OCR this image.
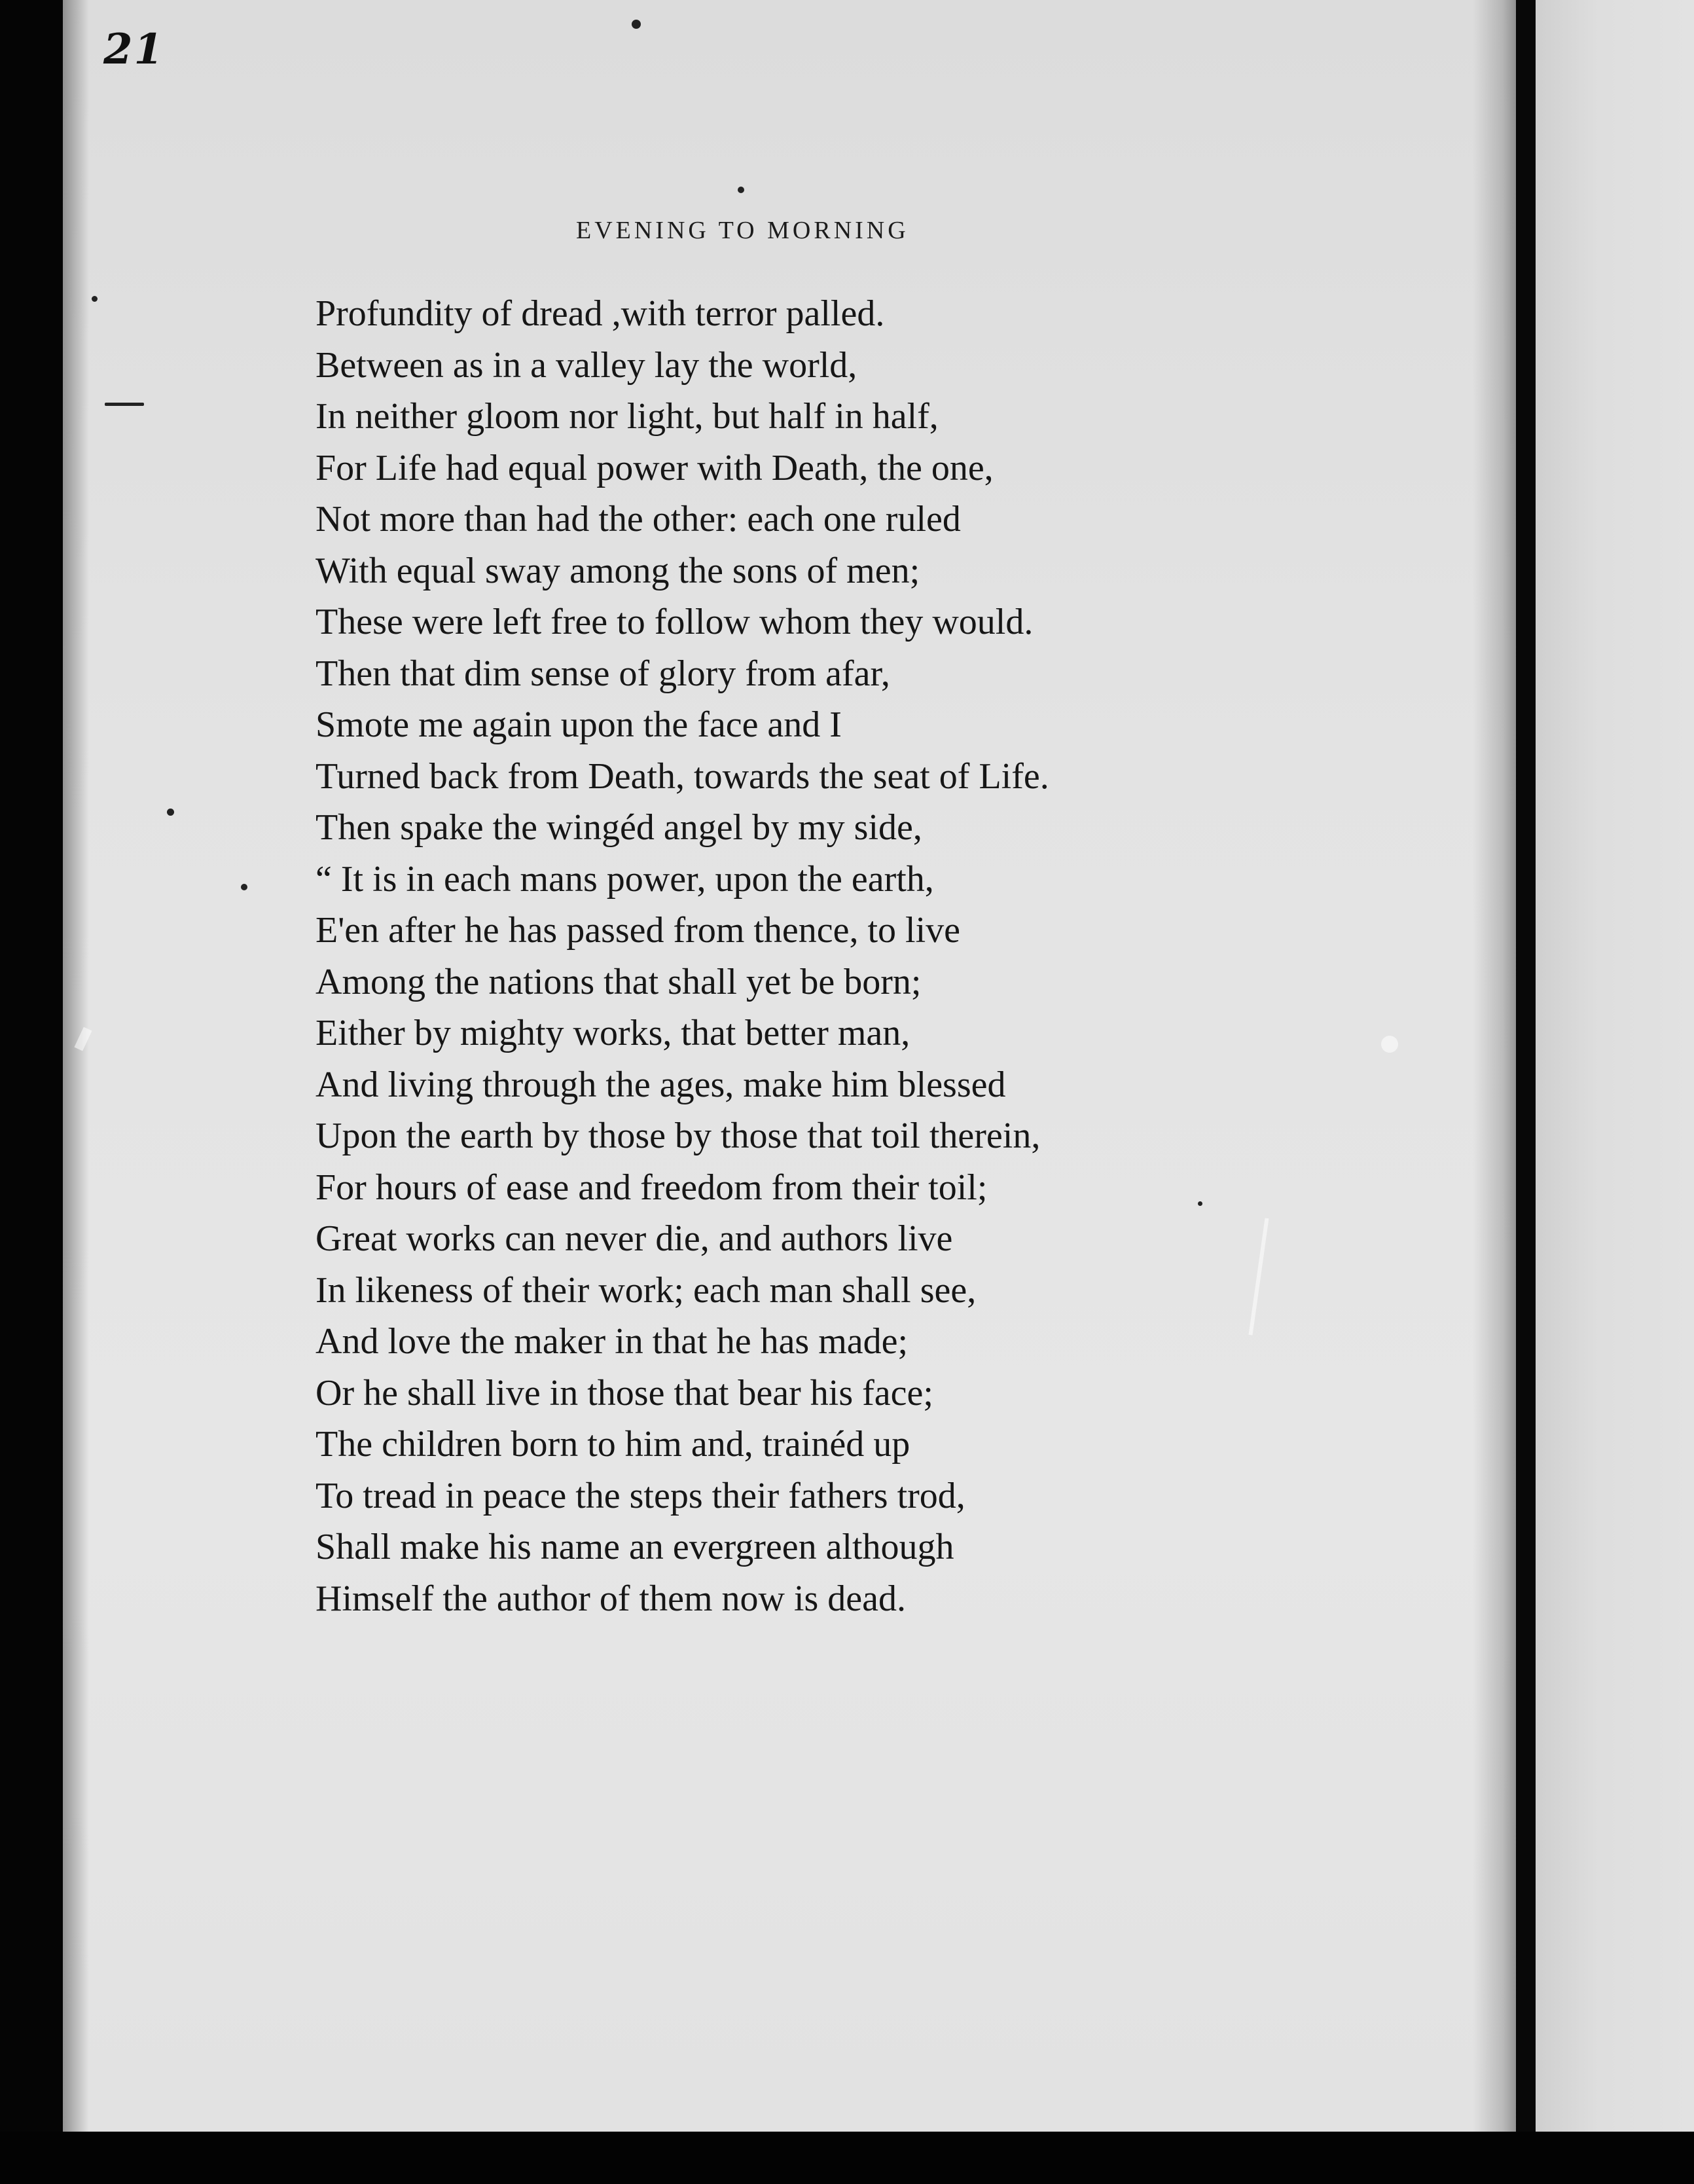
21
EVENING TO MORNING
Profundity of dread ,with terror palled.
Between as in a valley lay the world,
In neither gloom nor light, but half in half,
For Life had equal power with Death, the one,
Not more than had the other: each one ruled
With equal sway among the sons of men;
These were left free to follow whom they would.
Then that dim sense of glory from afar,
Smote me again upon the face and I
Turned back from Death, towards the seat of Life.
Then spake the wingéd angel by my side,
“ It is in each mans power, upon the earth,
E'en after he has passed from thence, to live
Among the nations that shall yet be born;
Either by mighty works, that better man,
And living through the ages, make him blessed
Upon the earth by those by those that toil therein,
For hours of ease and freedom from their toil;
Great works can never die, and authors live
In likeness of their work; each man shall see,
And love the maker in that he has made;
Or he shall live in those that bear his face;
The children born to him and, trainéd up
To tread in peace the steps their fathers trod,
Shall make his name an evergreen although
Himself the author of them now is dead.
